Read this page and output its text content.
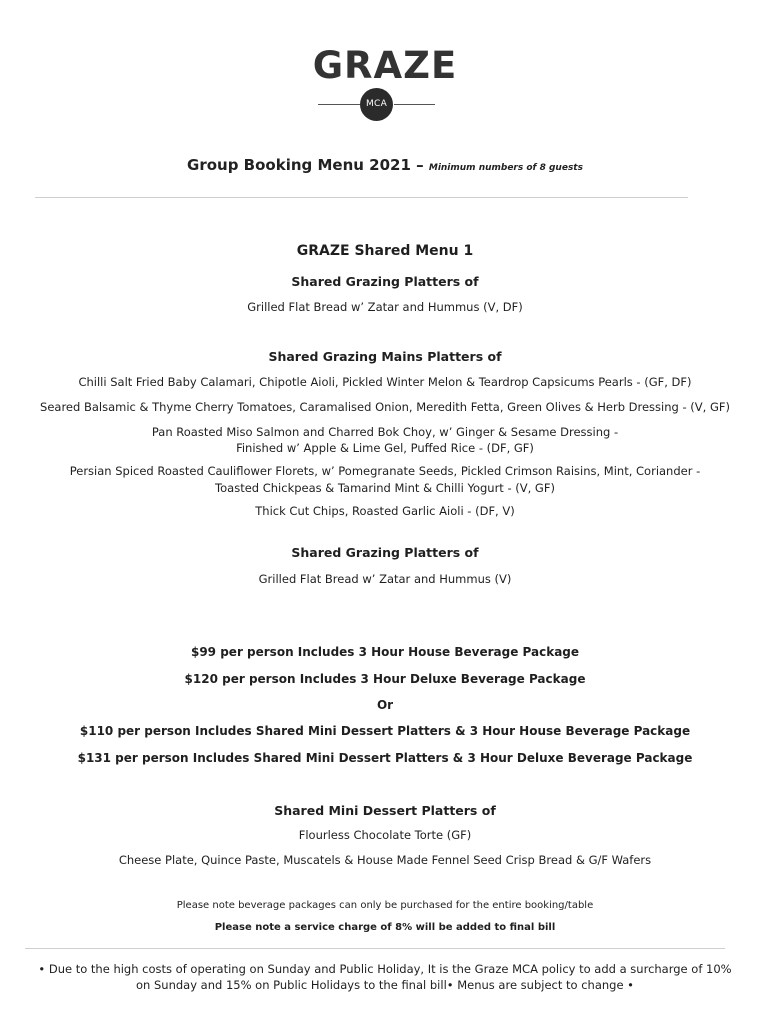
GRAZE
MCA
Group Booking Menu 2021 – Minimum numbers of 8 guests
GRAZE Shared Menu 1
Shared Grazing Platters of
Grilled Flat Bread w’ Zatar and Hummus (V, DF)
Shared Grazing Mains Platters of
Chilli Salt Fried Baby Calamari, Chipotle Aioli, Pickled Winter Melon & Teardrop Capsicums Pearls - (GF, DF)
Seared Balsamic & Thyme Cherry Tomatoes, Caramalised Onion, Meredith Fetta, Green Olives & Herb Dressing - (V, GF)
Pan Roasted Miso Salmon and Charred Bok Choy, w’ Ginger & Sesame Dressing -
Finished w’ Apple & Lime Gel, Puffed Rice - (DF, GF)
Persian Spiced Roasted Cauliflower Florets, w’ Pomegranate Seeds, Pickled Crimson Raisins, Mint, Coriander -
Toasted Chickpeas & Tamarind Mint & Chilli Yogurt - (V, GF)
Thick Cut Chips, Roasted Garlic Aioli - (DF, V)
Shared Grazing Platters of
Grilled Flat Bread w’ Zatar and Hummus (V)
$99 per person Includes 3 Hour House Beverage Package
$120 per person Includes 3 Hour Deluxe Beverage Package
Or
$110 per person Includes Shared Mini Dessert Platters & 3 Hour House Beverage Package
$131 per person Includes Shared Mini Dessert Platters & 3 Hour Deluxe Beverage Package
Shared Mini Dessert Platters of
Flourless Chocolate Torte (GF)
Cheese Plate, Quince Paste, Muscatels & House Made Fennel Seed Crisp Bread & G/F Wafers
Please note beverage packages can only be purchased for the entire booking/table
Please note a service charge of 8% will be added to final bill
• Due to the high costs of operating on Sunday and Public Holiday, It is the Graze MCA policy to add a surcharge of 10%
on Sunday and 15% on Public Holidays to the final bill• Menus are subject to change •
